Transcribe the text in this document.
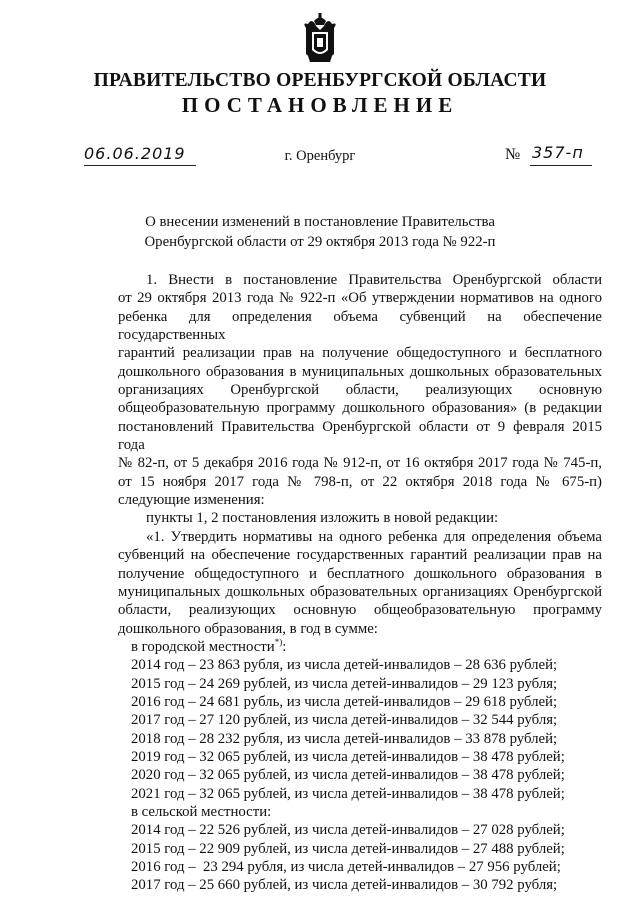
ПРАВИТЕЛЬСТВО ОРЕНБУРГСКОЙ ОБЛАСТИ
ПОСТАНОВЛЕНИЕ
06.06.2019	г. Оренбург	№ 357-п
О внесении изменений в постановление Правительства
Оренбургской области от 29 октября 2013 года № 922-п
1. Внести в постановление Правительства Оренбургской области
от 29 октября 2013 года № 922-п «Об утверждении нормативов на одного
ребенка для определения объема субвенций на обеспечение государственных
гарантий реализации прав на получение общедоступного и бесплатного
дошкольного образования в муниципальных дошкольных образовательных
организациях Оренбургской области, реализующих основную
общеобразовательную программу дошкольного образования» (в редакции
постановлений Правительства Оренбургской области от 9 февраля 2015 года
№ 82-п, от 5 декабря 2016 года № 912-п, от 16 октября 2017 года № 745-п,
от 15 ноября 2017 года № 798-п, от 22 октября 2018 года № 675-п)
следующие изменения:
пункты 1, 2 постановления изложить в новой редакции:
«1. Утвердить нормативы на одного ребенка для определения объема
субвенций на обеспечение государственных гарантий реализации прав на
получение общедоступного и бесплатного дошкольного образования в
муниципальных дошкольных образовательных организациях Оренбургской
области, реализующих основную общеобразовательную программу
дошкольного образования, в год в сумме:
в городской местности*):
2014 год – 23 863 рубля, из числа детей-инвалидов – 28 636 рублей;
2015 год – 24 269 рублей, из числа детей-инвалидов – 29 123 рубля;
2016 год – 24 681 рубль, из числа детей-инвалидов – 29 618 рублей;
2017 год – 27 120 рублей, из числа детей-инвалидов – 32 544 рубля;
2018 год – 28 232 рубля, из числа детей-инвалидов – 33 878 рублей;
2019 год – 32 065 рублей, из числа детей-инвалидов – 38 478 рублей;
2020 год – 32 065 рублей, из числа детей-инвалидов – 38 478 рублей;
2021 год – 32 065 рублей, из числа детей-инвалидов – 38 478 рублей;
в сельской местности:
2014 год – 22 526 рублей, из числа детей-инвалидов – 27 028 рублей;
2015 год – 22 909 рублей, из числа детей-инвалидов – 27 488 рублей;
2016 год –  23 294 рубля, из числа детей-инвалидов – 27 956 рублей;
2017 год – 25 660 рублей, из числа детей-инвалидов – 30 792 рубля;
